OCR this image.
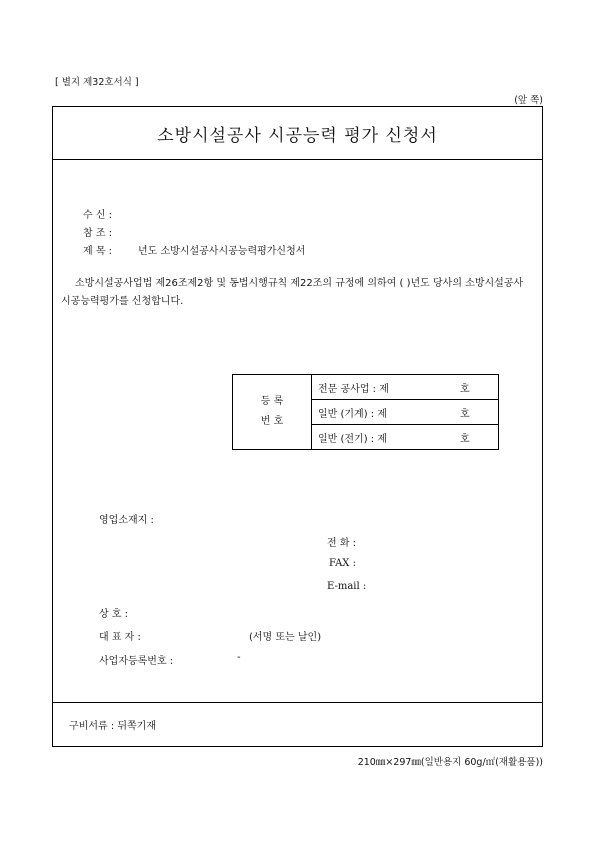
[ 별지 제32호서식 ]
(앞 쪽)
소방시설공사 시공능력 평가 신청서
수 신 :
참 조 :
제 목 :	년도 소방시설공사시공능력평가신청서
소방시설공사업법 제26조제2항 및 동법시행규칙 제22조의 규정에 의하여 ( )년도 당사의 소방시설공사 시공능력평가를 신청합니다.
등 록
번 호
	전문 공사업 : 제	호
일반 (기계) : 제	호
일반 (전기) : 제	호
영업소재지 :
전 화 :
FAX :
E-mail :
상 호 :
대 표 자 :	(서명 또는 날인)
사업자등록번호 :	-
구비서류 : 뒤쪽기재
210㎜×297㎜(일반용지 60g/㎡(재활용품))
